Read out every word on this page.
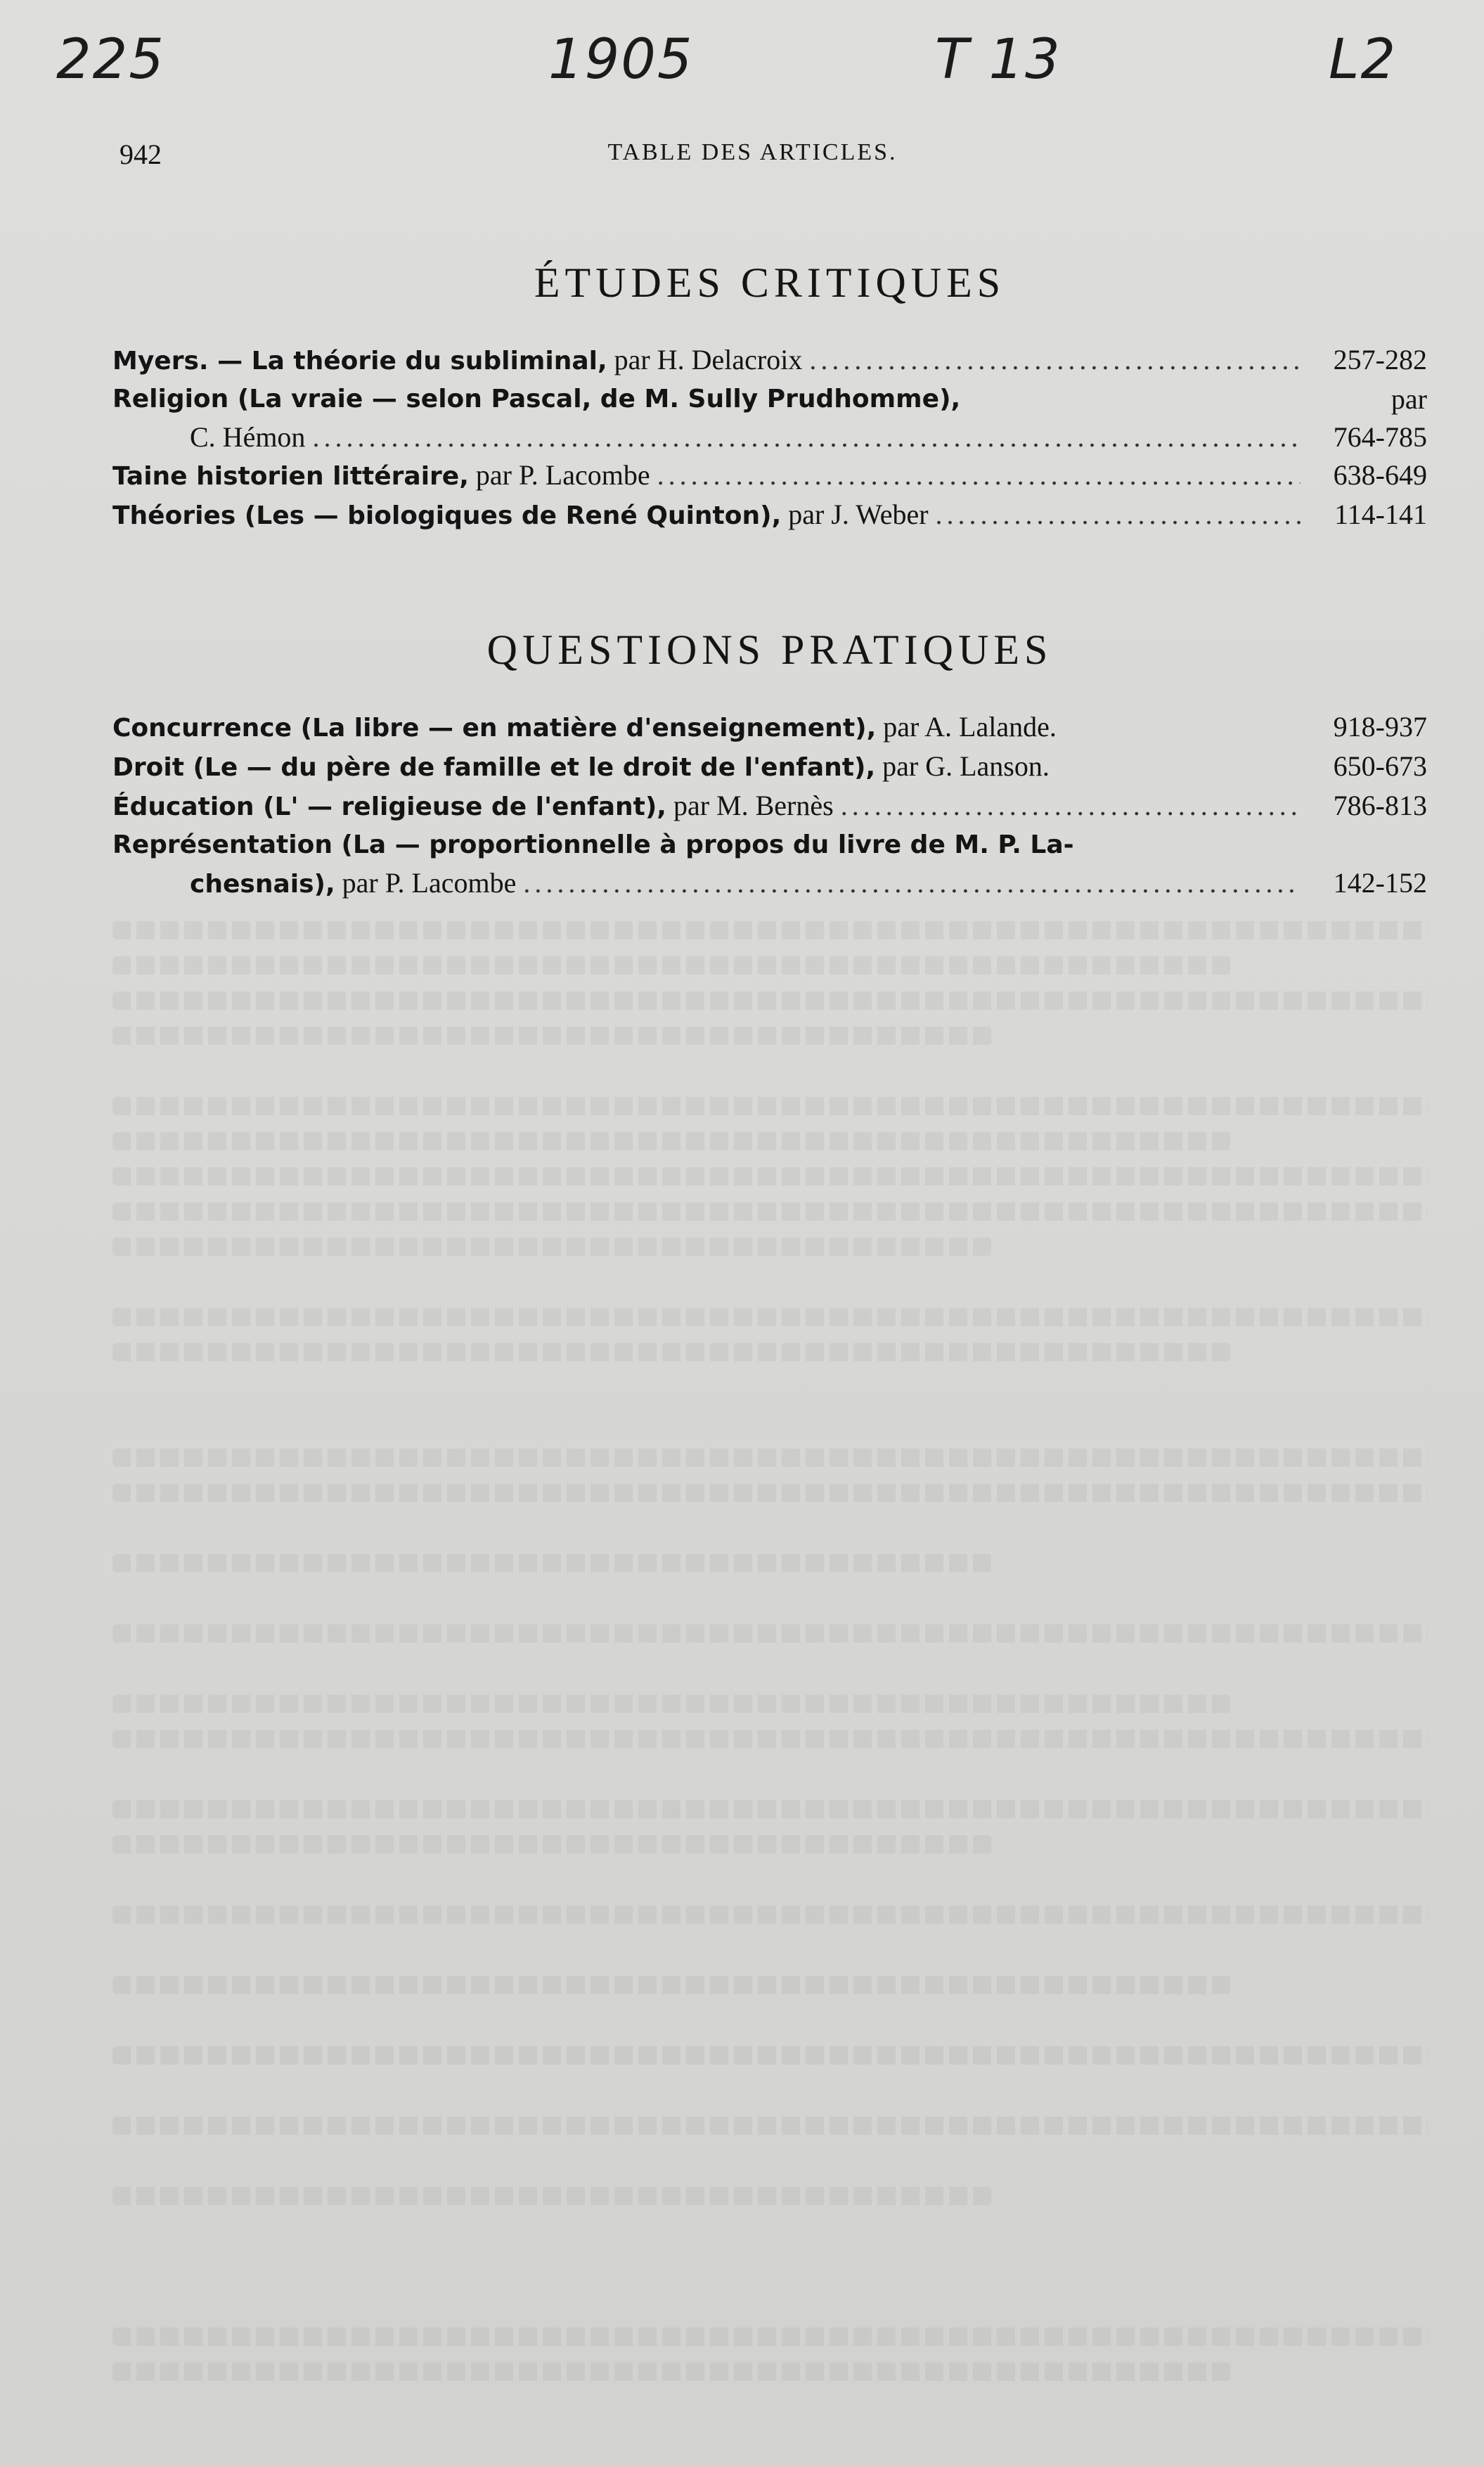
225	1905	T 13	L2
942	TABLE DES ARTICLES.
ÉTUDES CRITIQUES
Myers. — La théorie du subliminal, par H. Delacroix .....	257-282
Religion (La vraie — selon Pascal, de M. Sully Prudhomme),	par
C. Hémon .....	764-785
Taine historien littéraire, par P. Lacombe .....	638-649
Théories (Les — biologiques de René Quinton), par J. Weber .....	114-141
QUESTIONS PRATIQUES
Concurrence (La libre — en matière d'enseignement), par A. Lalande.	918-937
Droit (Le — du père de famille et le droit de l'enfant), par G. Lanson.	650-673
Éducation (L' — religieuse de l'enfant), par M. Bernès .....	786-813
Représentation (La — proportionnelle à propos du livre de M. P. La-
chesnais), par P. Lacombe .....	142-152
